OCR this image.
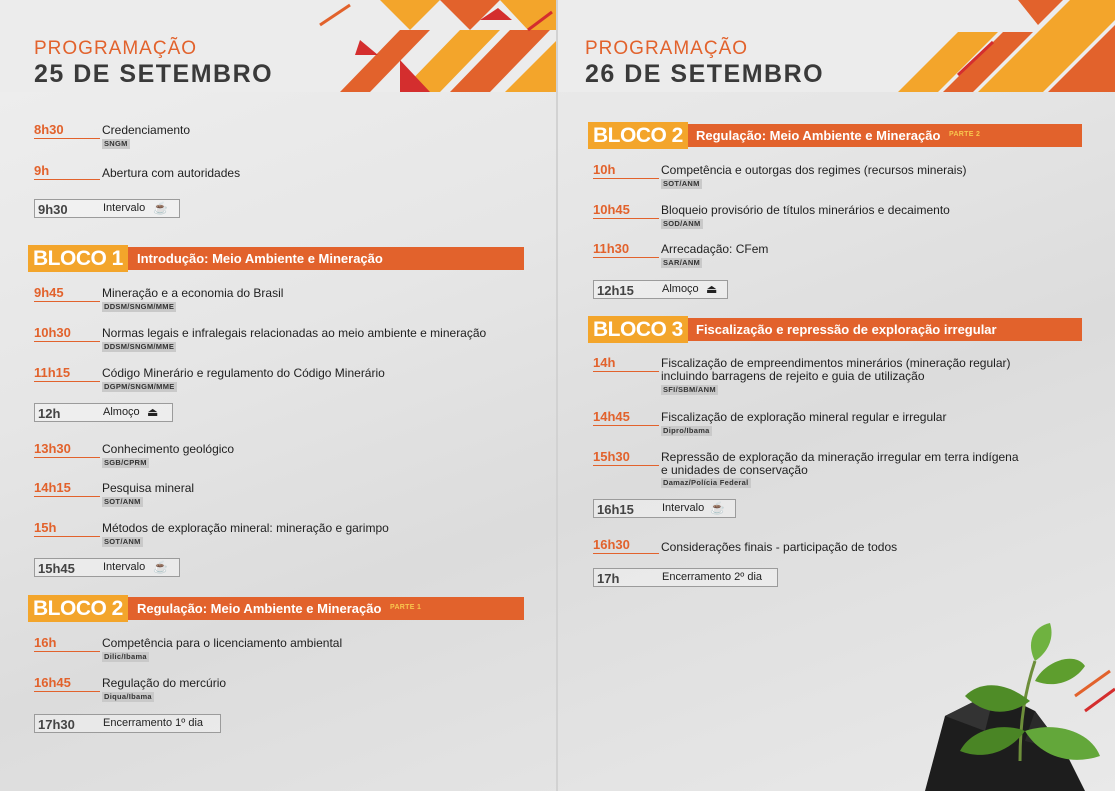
PROGRAMAÇÃO
25 DE SETEMBRO
8h30	Credenciamento
SNGM
9h	Abertura com autoridades
9h30	Intervalo ☕
Introdução: Meio Ambiente e Mineração
BLOCO 1
9h45	Mineração e a economia do Brasil
DDSM/SNGM/MME
10h30	Normas legais e infralegais relacionadas ao meio ambiente e mineração
DDSM/SNGM/MME
11h15	Código Minerário e regulamento do Código Minerário
DGPM/SNGM/MME
12h	Almoço ⏏
13h30	Conhecimento geológico
SGB/CPRM
14h15	Pesquisa mineral
SOT/ANM
15h	Métodos de exploração mineral: mineração e garimpo
SOT/ANM
15h45	Intervalo ☕
Regulação: Meio Ambiente e Mineração PARTE 1
BLOCO 2
16h	Competência para o licenciamento ambiental
Dilic/Ibama
16h45	Regulação do mercúrio
Diqua/Ibama
17h30	Encerramento 1º dia
PROGRAMAÇÃO
26 DE SETEMBRO
Regulação: Meio Ambiente e Mineração PARTE 2
BLOCO 2
10h	Competência e outorgas dos regimes (recursos minerais)
SOT/ANM
10h45	Bloqueio provisório de títulos minerários e decaimento
SOD/ANM
11h30	Arrecadação: CFem
SAR/ANM
12h15	Almoço ⏏
Fiscalização e repressão de exploração irregular
BLOCO 3
14h	Fiscalização de empreendimentos minerários (mineração regular)
incluindo barragens de rejeito e guia de utilização
SFI/SBM/ANM
14h45	Fiscalização de exploração mineral regular e irregular
Dipro/Ibama
15h30	Repressão de exploração da mineração irregular em terra indígena
e unidades de conservação
Damaz/Polícia Federal
16h15	Intervalo ☕
16h30	Considerações finais - participação de todos
17h	Encerramento 2º dia
